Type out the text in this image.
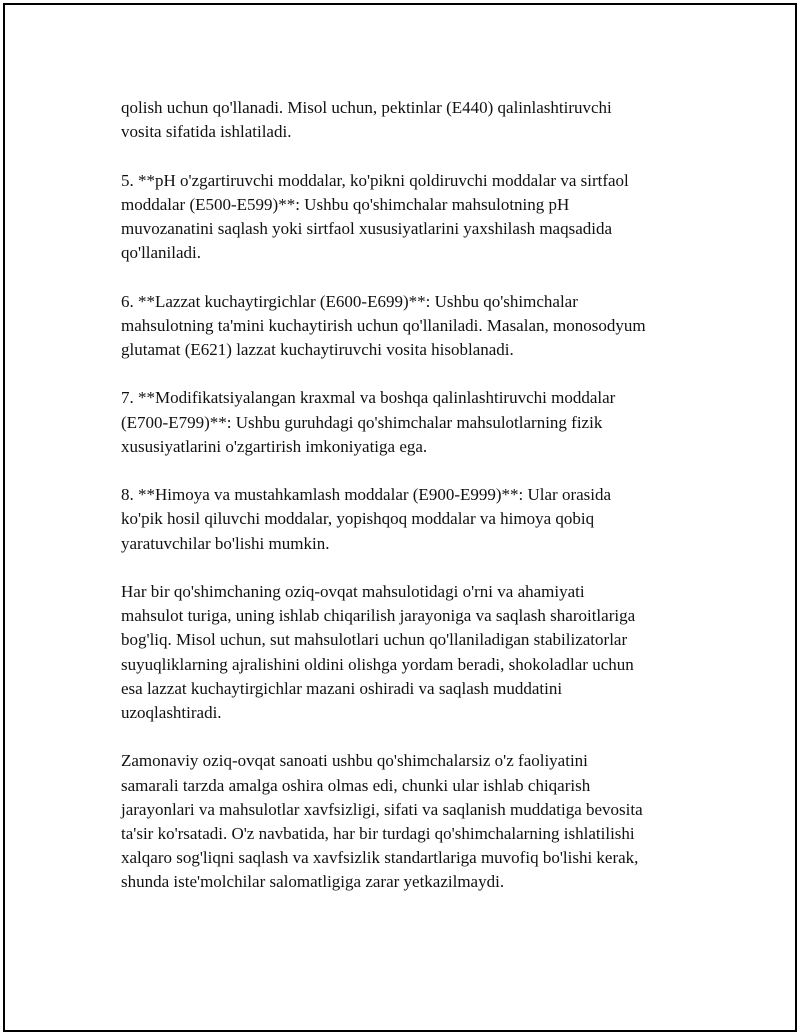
qolish uchun qo'llanadi. Misol uchun, pektinlar (E440) qalinlashtiruvchi
vosita sifatida ishlatiladi.

5. **pH o'zgartiruvchi moddalar, ko'pikni qoldiruvchi moddalar va sirtfaol
moddalar (E500-E599)**: Ushbu qo'shimchalar mahsulotning pH
muvozanatini saqlash yoki sirtfaol xususiyatlarini yaxshilash maqsadida
qo'llaniladi.

6. **Lazzat kuchaytirgichlar (E600-E699)**: Ushbu qo'shimchalar
mahsulotning ta'mini kuchaytirish uchun qo'llaniladi. Masalan, monosodyum
glutamat (E621) lazzat kuchaytiruvchi vosita hisoblanadi.

7. **Modifikatsiyalangan kraxmal va boshqa qalinlashtiruvchi moddalar
(E700-E799)**: Ushbu guruhdagi qo'shimchalar mahsulotlarning fizik
xususiyatlarini o'zgartirish imkoniyatiga ega.

8. **Himoya va mustahkamlash moddalar (E900-E999)**: Ular orasida
ko'pik hosil qiluvchi moddalar, yopishqoq moddalar va himoya qobiq
yaratuvchilar bo'lishi mumkin.

Har bir qo'shimchaning oziq-ovqat mahsulotidagi o'rni va ahamiyati
mahsulot turiga, uning ishlab chiqarilish jarayoniga va saqlash sharoitlariga
bog'liq. Misol uchun, sut mahsulotlari uchun qo'llaniladigan stabilizatorlar
suyuqliklarning ajralishini oldini olishga yordam beradi, shokoladlar uchun
esa lazzat kuchaytirgichlar mazani oshiradi va saqlash muddatini
uzoqlashtiradi.

Zamonaviy oziq-ovqat sanoati ushbu qo'shimchalarsiz o'z faoliyatini
samarali tarzda amalga oshira olmas edi, chunki ular ishlab chiqarish
jarayonlari va mahsulotlar xavfsizligi, sifati va saqlanish muddatiga bevosita
ta'sir ko'rsatadi. O'z navbatida, har bir turdagi qo'shimchalarning ishlatilishi
xalqaro sog'liqni saqlash va xavfsizlik standartlariga muvofiq bo'lishi kerak,
shunda iste'molchilar salomatligiga zarar yetkazilmaydi.
